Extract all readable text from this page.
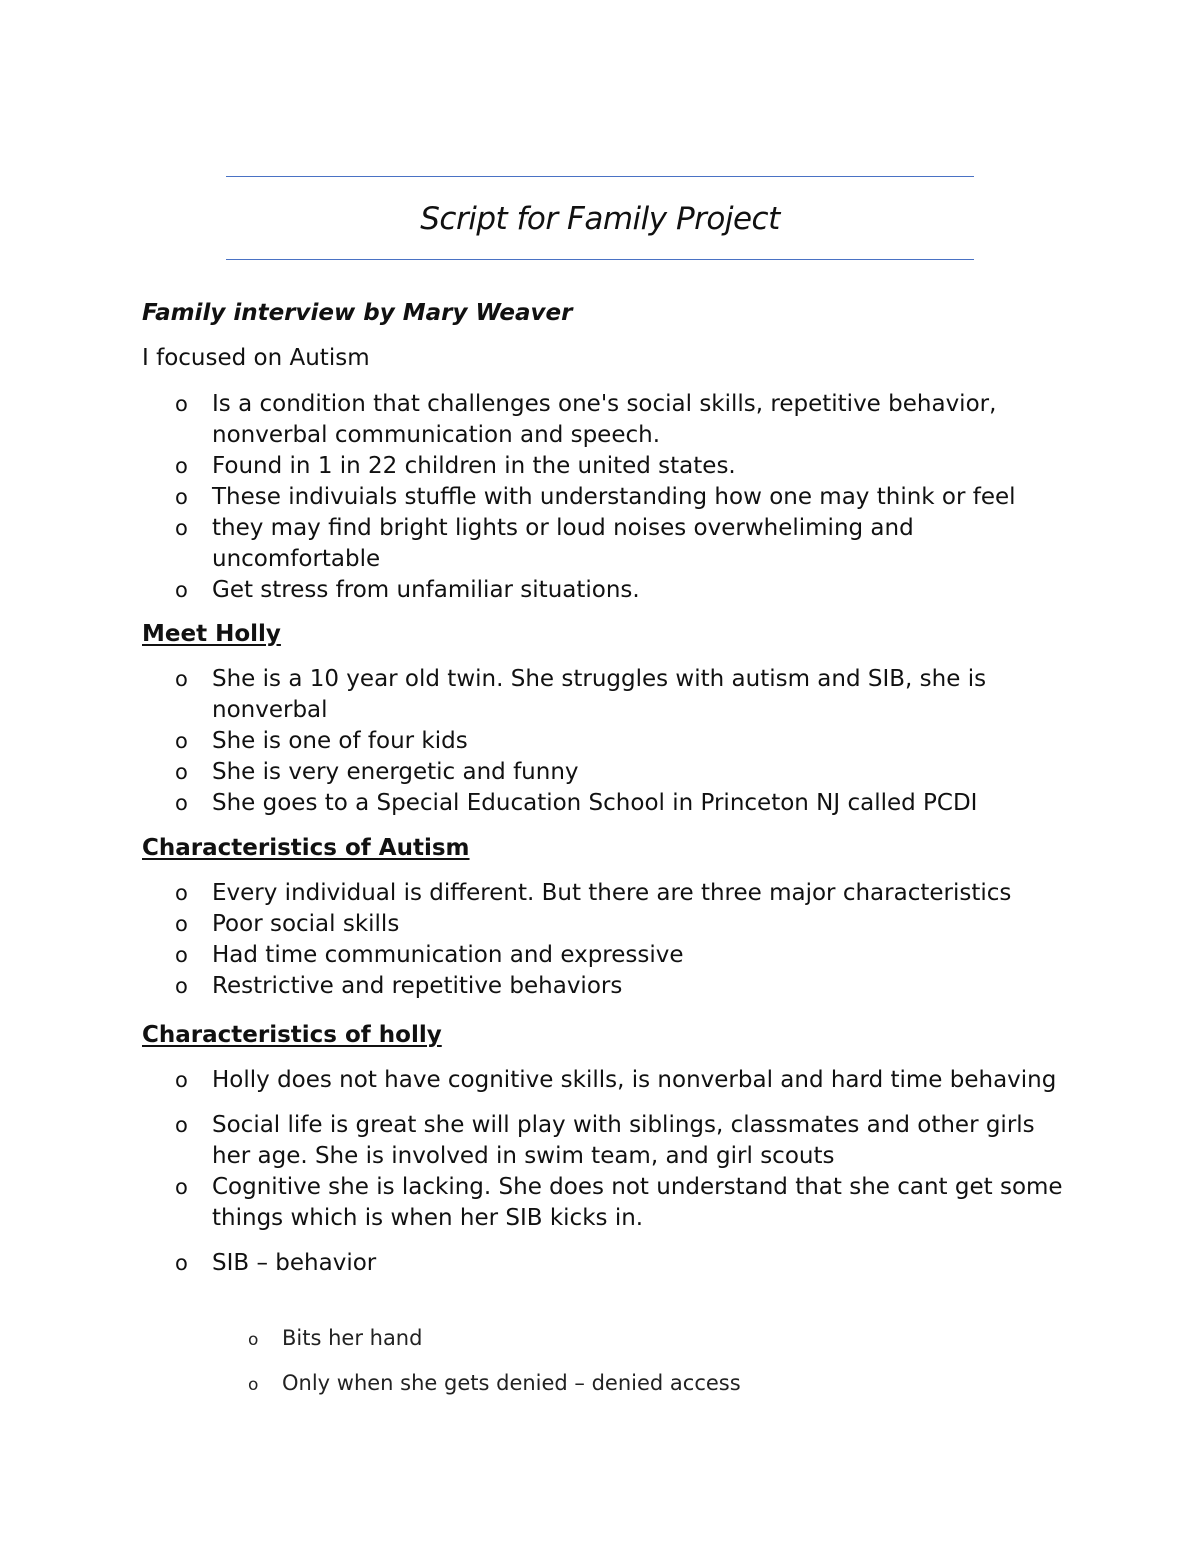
Script for Family Project
Family interview by Mary Weaver
I focused on Autism
o Is a condition that challenges one's social skills, repetitive behavior, nonverbal communication and speech.
o Found in 1 in 22 children in the united states.
o These indivuials stuffle with understanding how one may think or feel
o they may find bright lights or loud noises overwheliming and uncomfortable
o Get stress from unfamiliar situations.
Meet Holly
o She is a 10 year old twin. She struggles with autism and SIB, she is nonverbal
o She is one of four kids
o She is very energetic and funny
o She goes to a Special Education School in Princeton NJ called PCDI
Characteristics of Autism
o Every individual is different. But there are three major characteristics
o Poor social skills
o Had time communication and expressive
o Restrictive and repetitive behaviors
Characteristics of holly
o Holly does not have cognitive skills, is nonverbal and hard time behaving
o Social life is great she will play with siblings, classmates and other girls her age. She is involved in swim team, and girl scouts
o Cognitive she is lacking. She does not understand that she cant get some things which is when her SIB kicks in.
o SIB – behavior
o Bits her hand
o Only when she gets denied – denied access
